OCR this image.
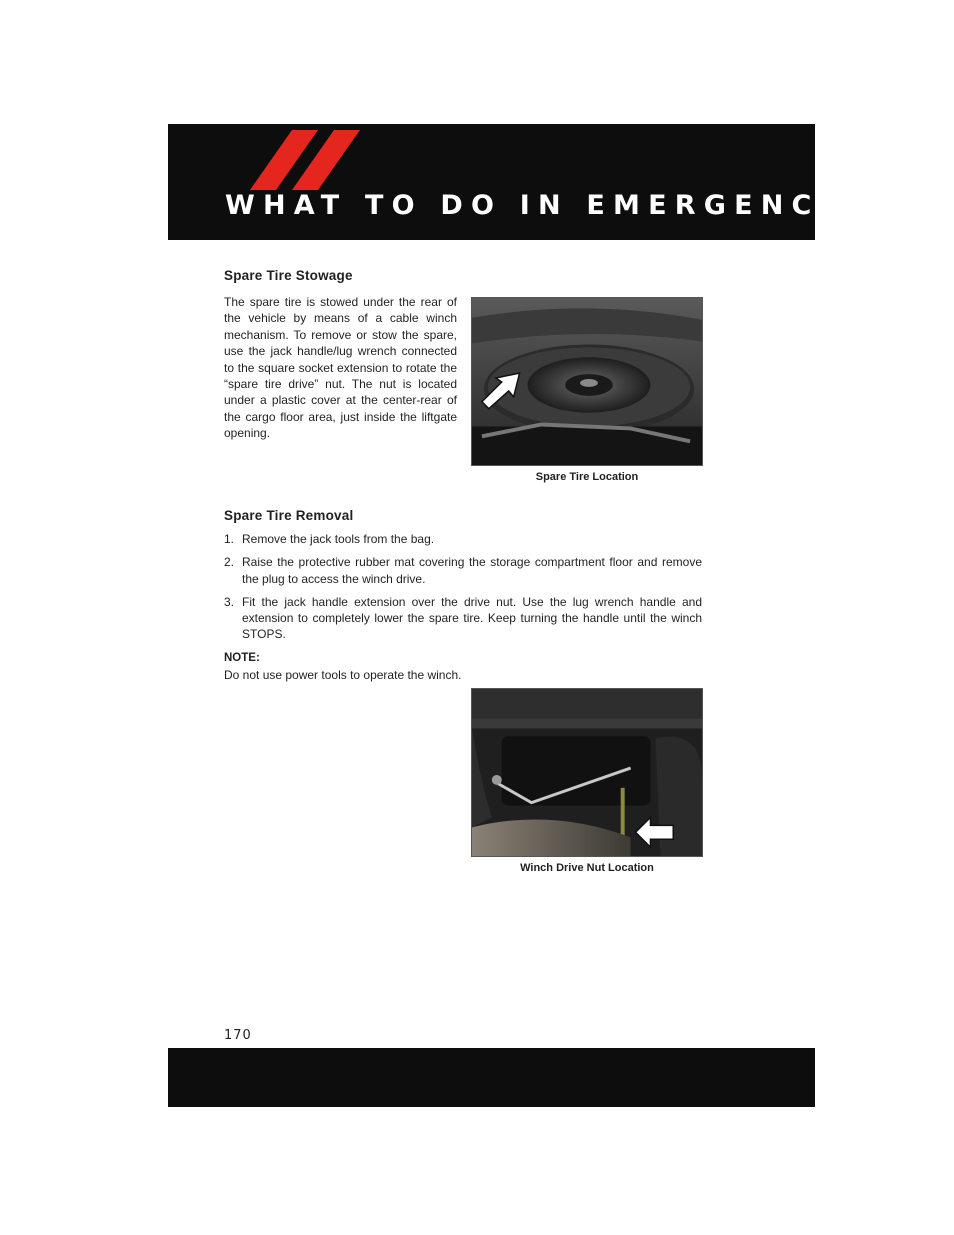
WHAT TO DO IN EMERGENCIES
Spare Tire Stowage

The spare tire is stowed under the rear of the vehicle by means of a cable winch mechanism. To remove or stow the spare, use the jack handle/lug wrench connected to the square socket extension to rotate the “spare tire drive” nut. The nut is located under a plastic cover at the center-rear of the cargo floor area, just inside the liftgate opening.

Spare Tire Location

Spare Tire Removal
1. Remove the jack tools from the bag.
2. Raise the protective rubber mat covering the storage compartment floor and remove the plug to access the winch drive.
3. Fit the jack handle extension over the drive nut. Use the lug wrench handle and extension to completely lower the spare tire. Keep turning the handle until the winch STOPS.

NOTE:

Do not use power tools to operate the winch.

Winch Drive Nut Location

170
